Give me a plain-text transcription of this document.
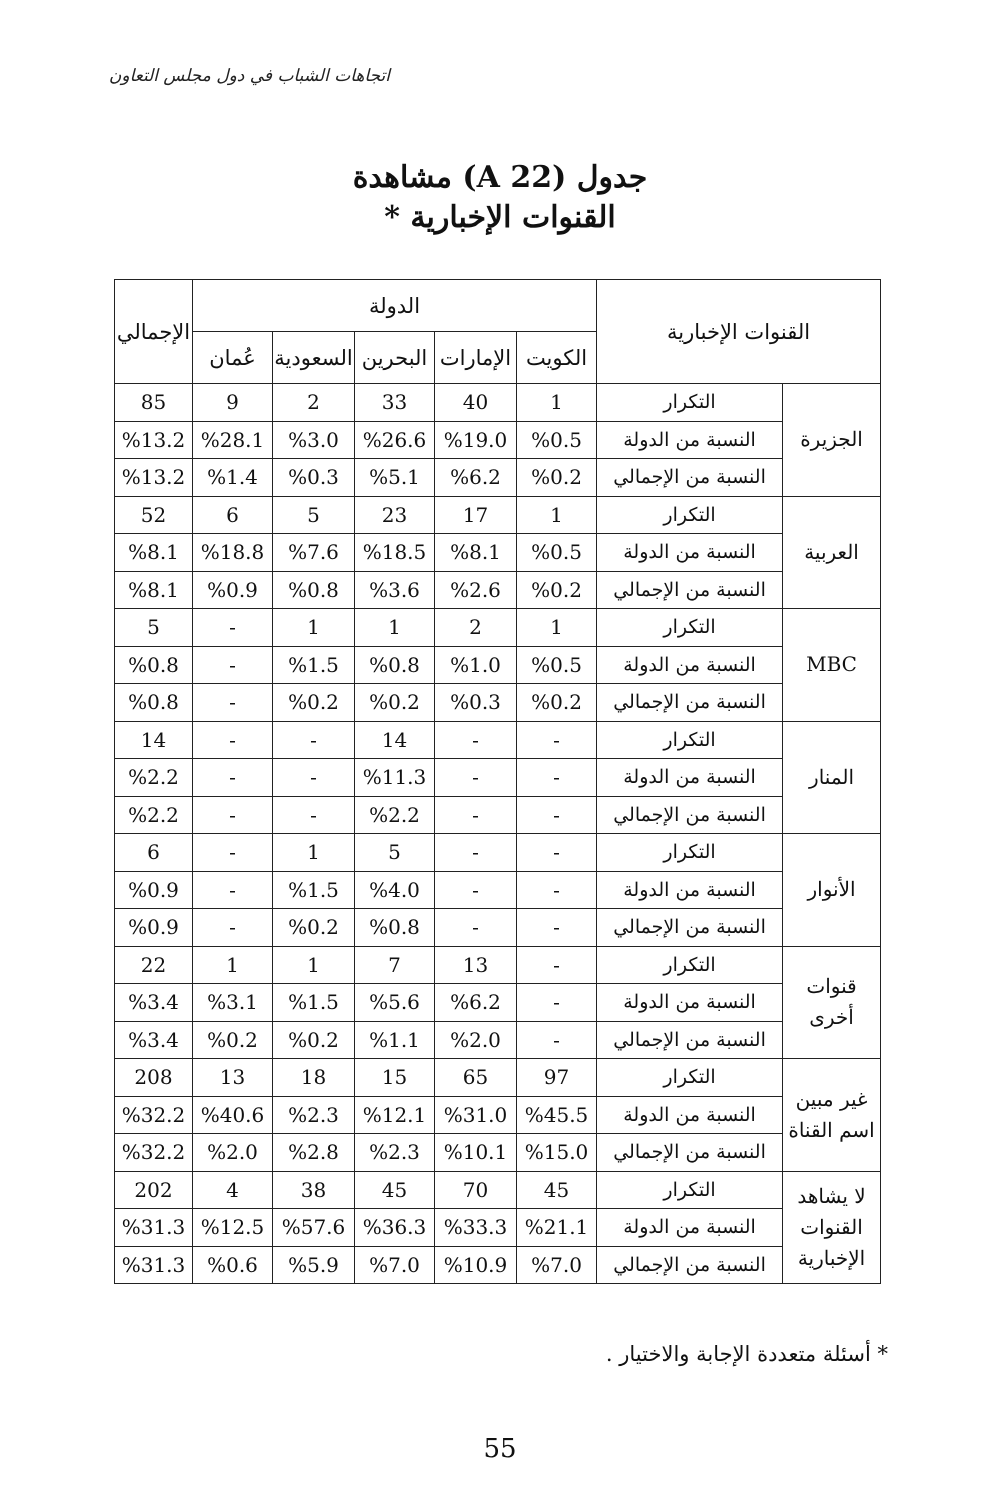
اتجاهات الشباب في دول مجلس التعاون
جدول (A 22) مشاهدة
القنوات الإخبارية *
الإجمالي	الدولة					القنوات الإخبارية	
	عُمان	السعودية	البحرين	الإمارات	الكويت		
85	9	2	33	40	1	التكرار	الجزيرة
%13.2	%28.1	%3.0	%26.6	%19.0	%0.5	النسبة من الدولة	
%13.2	%1.4	%0.3	%5.1	%6.2	%0.2	النسبة من الإجمالي	
52	6	5	23	17	1	التكرار	العربية
%8.1	%18.8	%7.6	%18.5	%8.1	%0.5	النسبة من الدولة	
%8.1	%0.9	%0.8	%3.6	%2.6	%0.2	النسبة من الإجمالي	
5	-	1	1	2	1	التكرار	MBC
%0.8	-	%1.5	%0.8	%1.0	%0.5	النسبة من الدولة	
%0.8	-	%0.2	%0.2	%0.3	%0.2	النسبة من الإجمالي	
14	-	-	14	-	-	التكرار	المنار
%2.2	-	-	%11.3	-	-	النسبة من الدولة	
%2.2	-	-	%2.2	-	-	النسبة من الإجمالي	
6	-	1	5	-	-	التكرار	الأنوار
%0.9	-	%1.5	%4.0	-	-	النسبة من الدولة	
%0.9	-	%0.2	%0.8	-	-	النسبة من الإجمالي	
22	1	1	7	13	-	التكرار	قنوات أخرى
%3.4	%3.1	%1.5	%5.6	%6.2	-	النسبة من الدولة	
%3.4	%0.2	%0.2	%1.1	%2.0	-	النسبة من الإجمالي	
208	13	18	15	65	97	التكرار	غير مبين اسم القناة
%32.2	%40.6	%2.3	%12.1	%31.0	%45.5	النسبة من الدولة	
%32.2	%2.0	%2.8	%2.3	%10.1	%15.0	النسبة من الإجمالي	
202	4	38	45	70	45	التكرار	لا يشاهد القنوات الإخبارية
%31.3	%12.5	%57.6	%36.3	%33.3	%21.1	النسبة من الدولة	
%31.3	%0.6	%5.9	%7.0	%10.9	%7.0	النسبة من الإجمالي	
* أسئلة متعددة الإجابة والاختيار .
55
